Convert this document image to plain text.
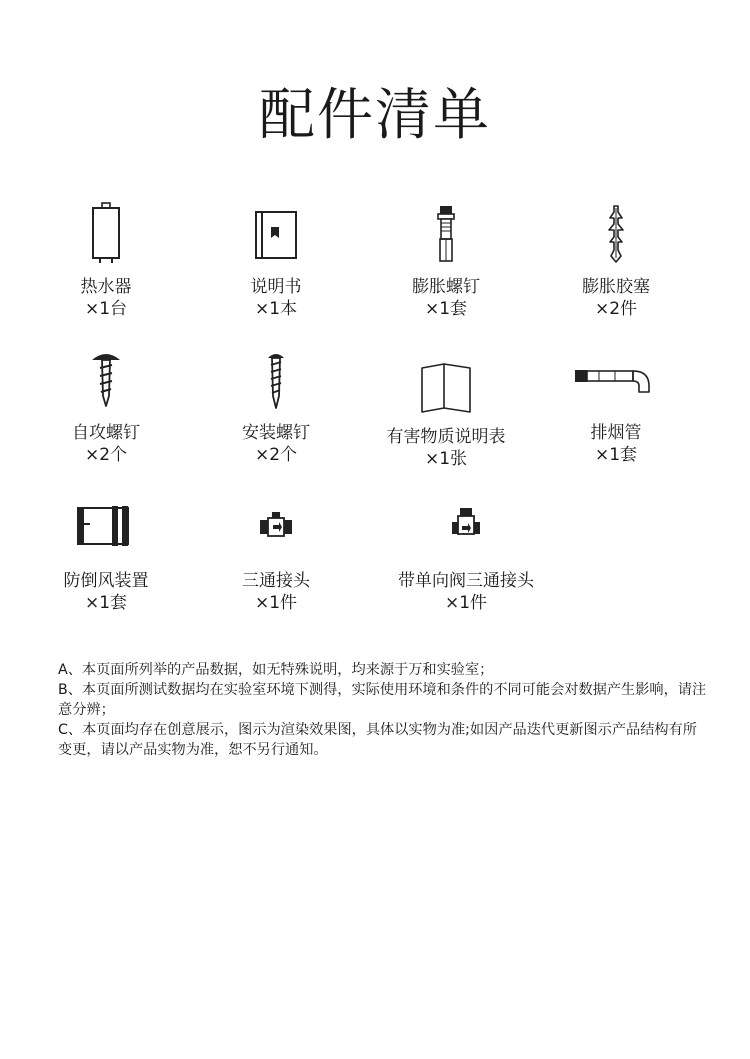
配件清单
热水器
×1台
说明书
×1本
膨胀螺钉
×1套
膨胀胶塞
×2件
自攻螺钉
×2个
安装螺钉
×2个
有害物质说明表
×1张
排烟管
×1套
防倒风装置
×1套
三通接头
×1件
带单向阀三通接头
×1件

A、本页面所列举的产品数据，如无特殊说明，均来源于万和实验室；

B、本页面所测试数据均在实验室环境下测得，实际使用环境和条件的不同可能会对数据产生影响，请注意分辨；

C、本页面均存在创意展示，图示为渲染效果图，具体以实物为准;如因产品迭代更新图示产品结构有所变更，请以产品实物为准，恕不另行通知。
